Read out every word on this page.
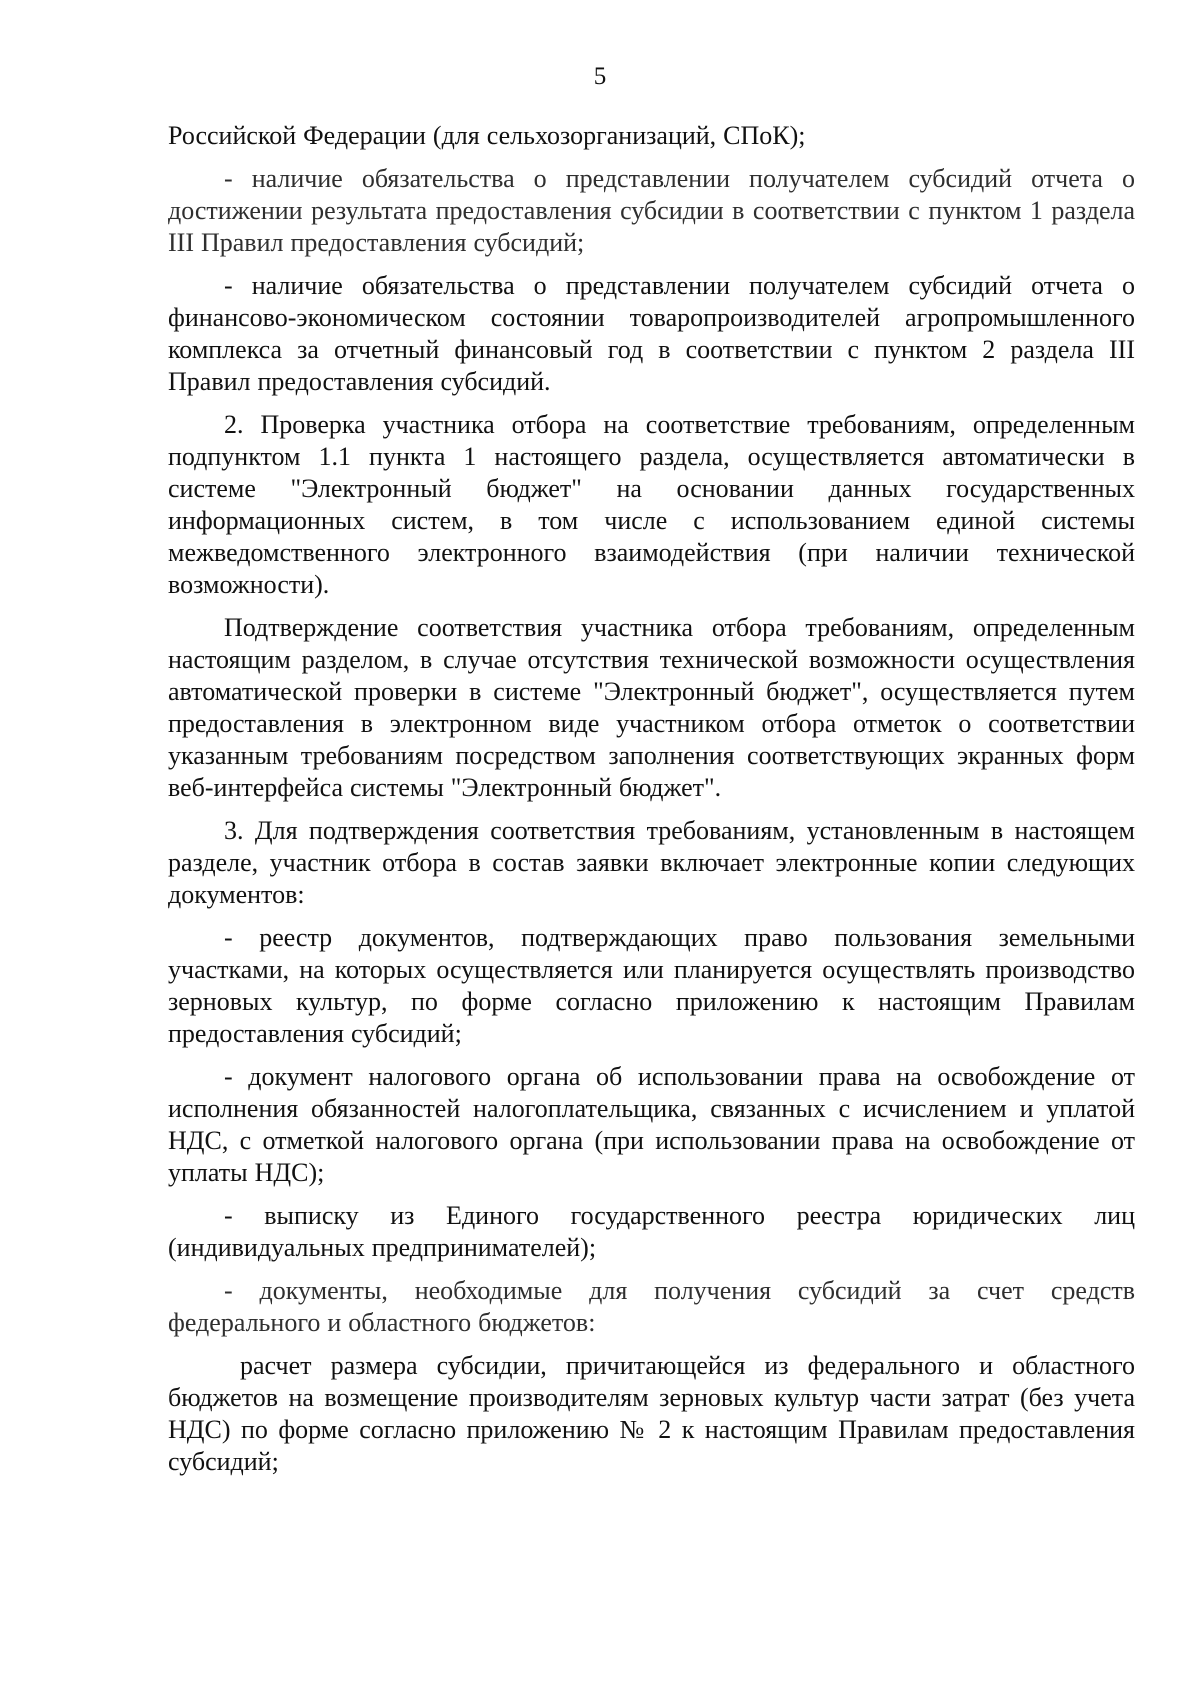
5

Российской Федерации (для сельхозорганизаций, СПоК);

- наличие обязательства о представлении получателем субсидий отчета о достижении результата предоставления субсидии в соответствии с пунктом 1 раздела III Правил предоставления субсидий;

- наличие обязательства о представлении получателем субсидий отчета о финансово-экономическом состоянии товаропроизводителей агропромышленного комплекса за отчетный финансовый год в соответствии с пунктом 2 раздела III Правил предоставления субсидий.

2. Проверка участника отбора на соответствие требованиям, определенным подпунктом 1.1 пункта 1 настоящего раздела, осуществляется автоматически в системе "Электронный бюджет" на основании данных государственных информационных систем, в том числе с использованием единой системы межведомственного электронного взаимодействия (при наличии технической возможности).

Подтверждение соответствия участника отбора требованиям, определенным настоящим разделом, в случае отсутствия технической возможности осуществления автоматической проверки в системе "Электронный бюджет", осуществляется путем предоставления в электронном виде участником отбора отметок о соответствии указанным требованиям посредством заполнения соответствующих экранных форм веб-интерфейса системы "Электронный бюджет".

3. Для подтверждения соответствия требованиям, установленным в настоящем разделе, участник отбора в состав заявки включает электронные копии следующих документов:

- реестр документов, подтверждающих право пользования земельными участками, на которых осуществляется или планируется осуществлять производство зерновых культур, по форме согласно приложению к настоящим Правилам предоставления субсидий;

- документ налогового органа об использовании права на освобождение от исполнения обязанностей налогоплательщика, связанных с исчислением и уплатой НДС, с отметкой налогового органа (при использовании права на освобождение от уплаты НДС);

- выписку из Единого государственного реестра юридических лиц (индивидуальных предпринимателей);

- документы, необходимые для получения субсидий за счет средств федерального и областного бюджетов:

расчет размера субсидии, причитающейся из федерального и областного бюджетов на возмещение производителям зерновых культур части затрат (без учета НДС) по форме согласно приложению № 2 к настоящим Правилам предоставления субсидий;
